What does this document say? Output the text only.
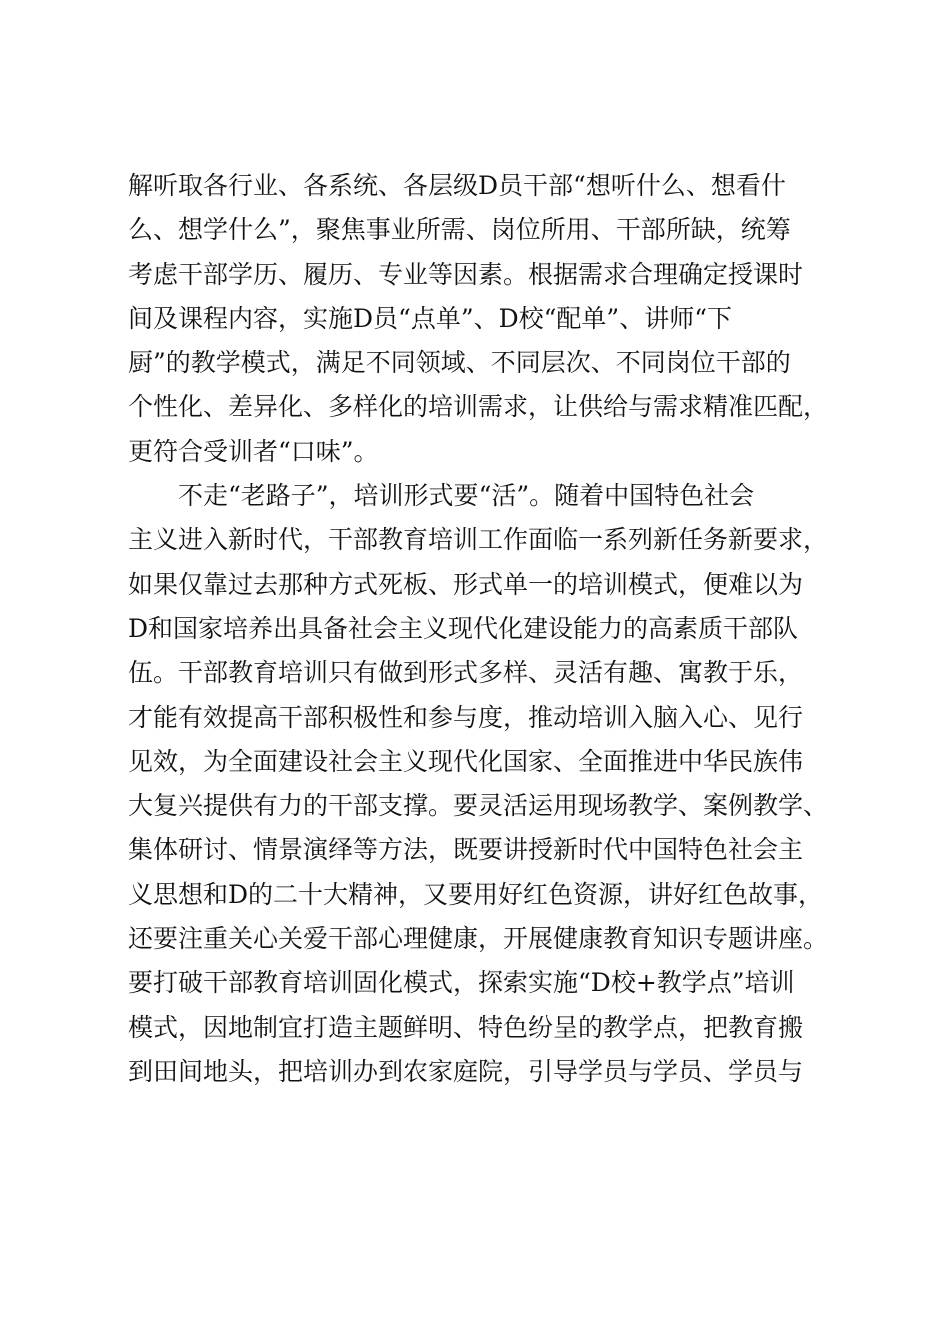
解听取各行业、各系统、各层级D员干部“想听什么、想看什
么、想学什么”，聚焦事业所需、岗位所用、干部所缺，统筹
考虑干部学历、履历、专业等因素。根据需求合理确定授课时
间及课程内容，实施D员“点单”、D校“配单”、讲师“下
厨”的教学模式，满足不同领域、不同层次、不同岗位干部的
个性化、差异化、多样化的培训需求，让供给与需求精准匹配，
更符合受训者“口味”。
不走“老路子”，培训形式要“活”。随着中国特色社会
主义进入新时代，干部教育培训工作面临一系列新任务新要求，
如果仅靠过去那种方式死板、形式单一的培训模式，便难以为
D和国家培养出具备社会主义现代化建设能力的高素质干部队
伍。干部教育培训只有做到形式多样、灵活有趣、寓教于乐，
才能有效提高干部积极性和参与度，推动培训入脑入心、见行
见效，为全面建设社会主义现代化国家、全面推进中华民族伟
大复兴提供有力的干部支撑。要灵活运用现场教学、案例教学、
集体研讨、情景演绎等方法，既要讲授新时代中国特色社会主
义思想和D的二十大精神，又要用好红色资源，讲好红色故事，
还要注重关心关爱干部心理健康，开展健康教育知识专题讲座。
要打破干部教育培训固化模式，探索实施“D校+教学点”培训
模式，因地制宜打造主题鲜明、特色纷呈的教学点，把教育搬
到田间地头，把培训办到农家庭院，引导学员与学员、学员与
